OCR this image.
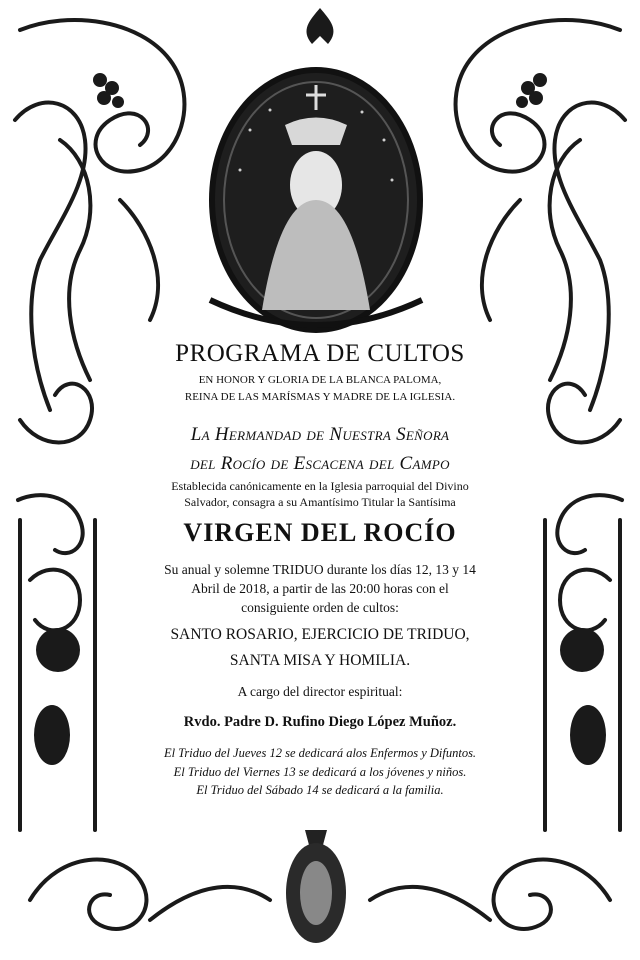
PROGRAMA DE CULTOS
EN HONOR Y GLORIA DE LA BLANCA PALOMA,
REINA DE LAS MARÍSMAS Y MADRE DE LA IGLESIA.
La Hermandad de Nuestra Señora
del Rocío de Escacena del Campo
Establecida canónicamente en la Iglesia parroquial del Divino
Salvador, consagra a su Amantísimo Titular la Santísima
VIRGEN DEL ROCÍO
Su anual y solemne TRIDUO durante los días 12, 13 y 14
Abril de 2018, a partir de las 20:00 horas con el
consiguiente orden de cultos:
SANTO ROSARIO, EJERCICIO DE TRIDUO,
SANTA MISA Y HOMILIA.
A cargo del director espiritual:
Rvdo. Padre D. Rufino Diego López Muñoz.
El Triduo del Jueves 12 se dedicará alos Enfermos y Difuntos.
El Triduo del Viernes 13 se dedicará a los jóvenes y niños.
El Triduo del Sábado 14 se dedicará a la familia.
